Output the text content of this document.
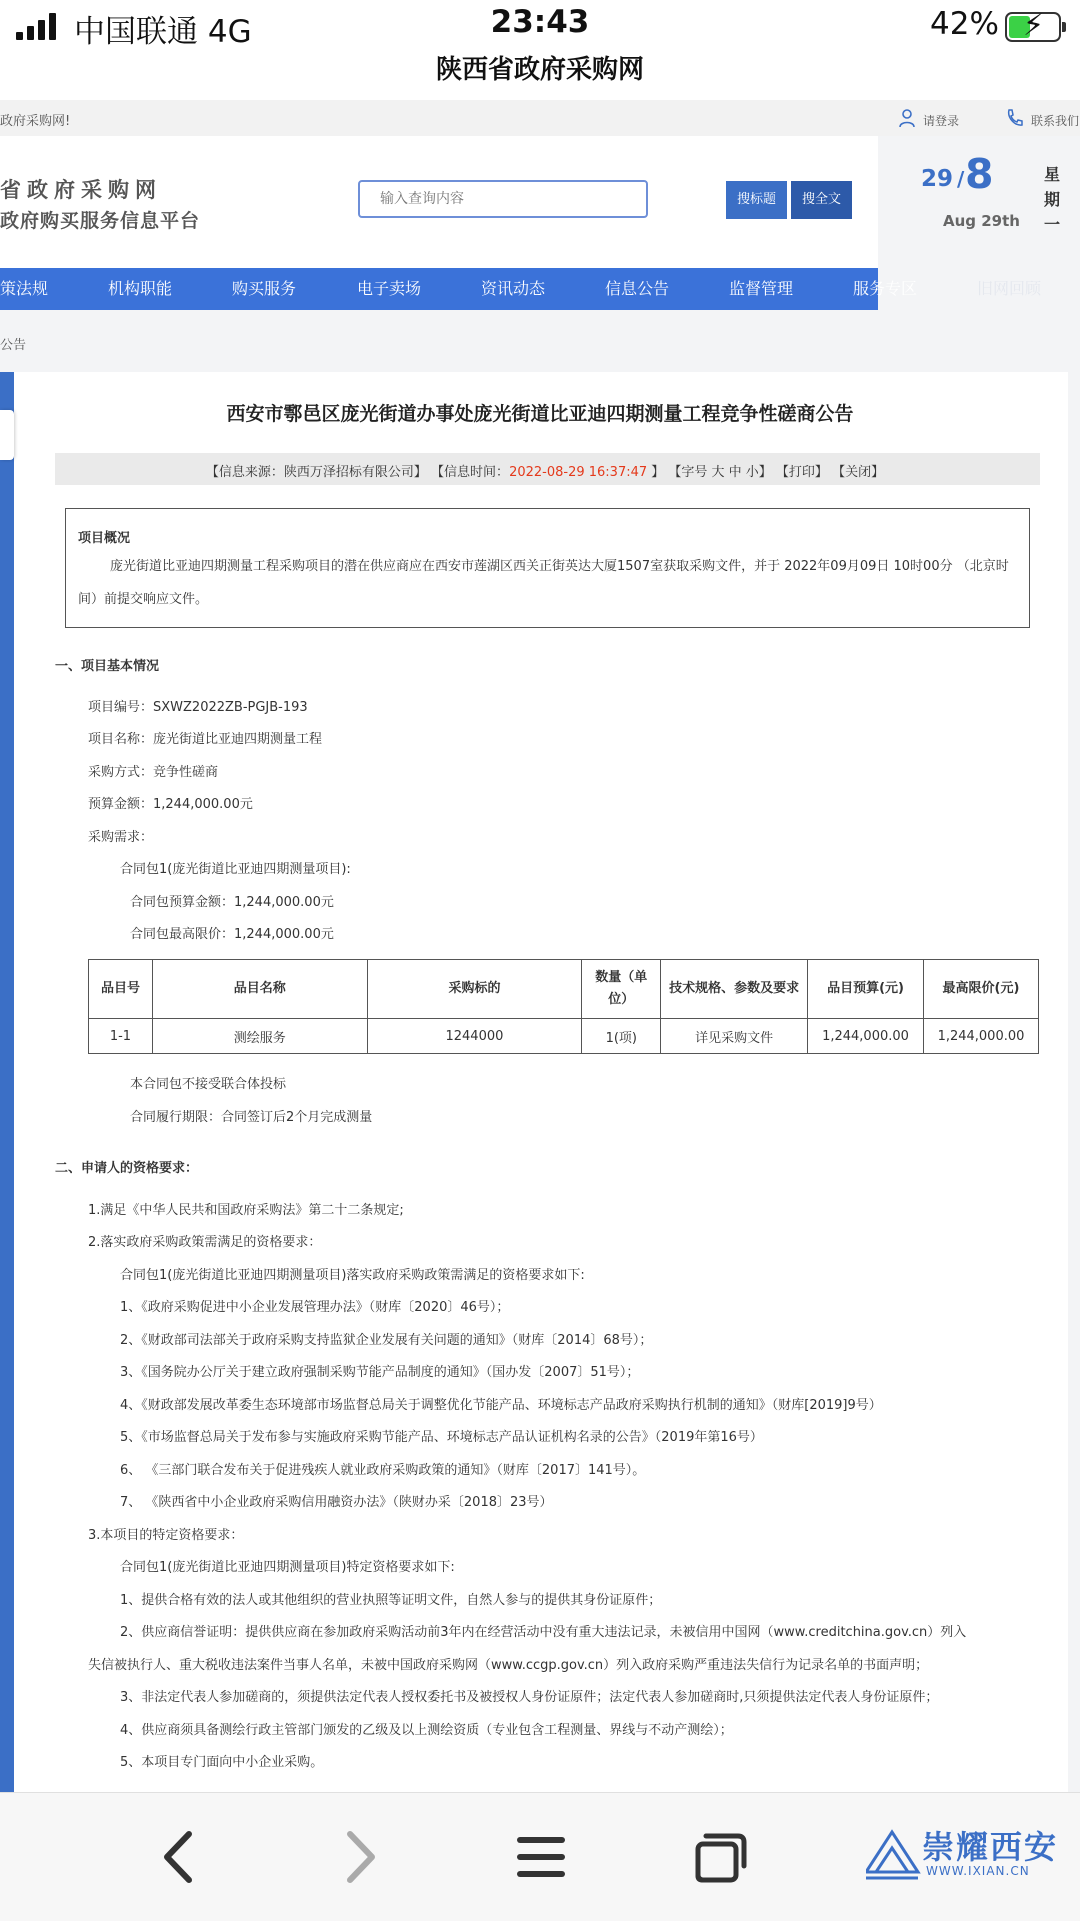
中国联通 4G	23:43
陕西省政府采购网
42% ⚡
政府采购网!	请登录	联系我们
省政府采购网
政府购买服务信息平台
输入查询内容
搜标题	搜全文
29 / 8
Aug 29th
星期一
策法规	机构职能	购买服务	电子卖场	资讯动态	信息公告	监督管理	服务专区	旧网回顾
公告
西安市鄠邑区庞光街道办事处庞光街道比亚迪四期测量工程竞争性磋商公告
【信息来源：陕西万泽招标有限公司】 【信息时间：2022-08-29 16:37:47 】 【字号 大 中 小】 【打印】 【关闭】
项目概况
庞光街道比亚迪四期测量工程采购项目的潜在供应商应在西安市莲湖区西关正街英达大厦1507室获取采购文件，并于 2022年09月09日 10时00分 （北京时间）前提交响应文件。
一、项目基本情况
项目编号：SXWZ2022ZB-PGJB-193
项目名称：庞光街道比亚迪四期测量工程
采购方式：竞争性磋商
预算金额：1,244,000.00元
采购需求：
合同包1(庞光街道比亚迪四期测量项目):
合同包预算金额：1,244,000.00元
合同包最高限价：1,244,000.00元
品目号	品目名称	采购标的	数量（单位）	技术规格、参数及要求	品目预算(元)	最高限价(元)
1-1	测绘服务	1244000	1(项)	详见采购文件	1,244,000.00	1,244,000.00
本合同包不接受联合体投标
合同履行期限：合同签订后2个月完成测量
二、申请人的资格要求：
1.满足《中华人民共和国政府采购法》第二十二条规定;
2.落实政府采购政策需满足的资格要求：
合同包1(庞光街道比亚迪四期测量项目)落实政府采购政策需满足的资格要求如下:
1、《政府采购促进中小企业发展管理办法》（财库〔2020〕46号）；
2、《财政部司法部关于政府采购支持监狱企业发展有关问题的通知》（财库〔2014〕68号）；
3、《国务院办公厅关于建立政府强制采购节能产品制度的通知》（国办发〔2007〕51号）；
4、《财政部发展改革委生态环境部市场监督总局关于调整优化节能产品、环境标志产品政府采购执行机制的通知》（财库[2019]9号）
5、《市场监督总局关于发布参与实施政府采购节能产品、环境标志产品认证机构名录的公告》（2019年第16号）
6、 《三部门联合发布关于促进残疾人就业政府采购政策的通知》（财库〔2017〕141号）。
7、 《陕西省中小企业政府采购信用融资办法》（陕财办采〔2018〕23号）
3.本项目的特定资格要求：
合同包1(庞光街道比亚迪四期测量项目)特定资格要求如下:
1、提供合格有效的法人或其他组织的营业执照等证明文件，自然人参与的提供其身份证原件；
2、供应商信誉证明：提供供应商在参加政府采购活动前3年内在经营活动中没有重大违法记录，未被信用中国网（www.creditchina.gov.cn）列入
失信被执行人、重大税收违法案件当事人名单，未被中国政府采购网（www.ccgp.gov.cn）列入政府采购严重违法失信行为记录名单的书面声明；
3、非法定代表人参加磋商的，须提供法定代表人授权委托书及被授权人身份证原件；法定代表人参加磋商时,只须提供法定代表人身份证原件；
4、供应商须具备测绘行政主管部门颁发的乙级及以上测绘资质（专业包含工程测量、界线与不动产测绘）；
5、本项目专门面向中小企业采购。
崇耀西安
WWW.IXIAN.CN
